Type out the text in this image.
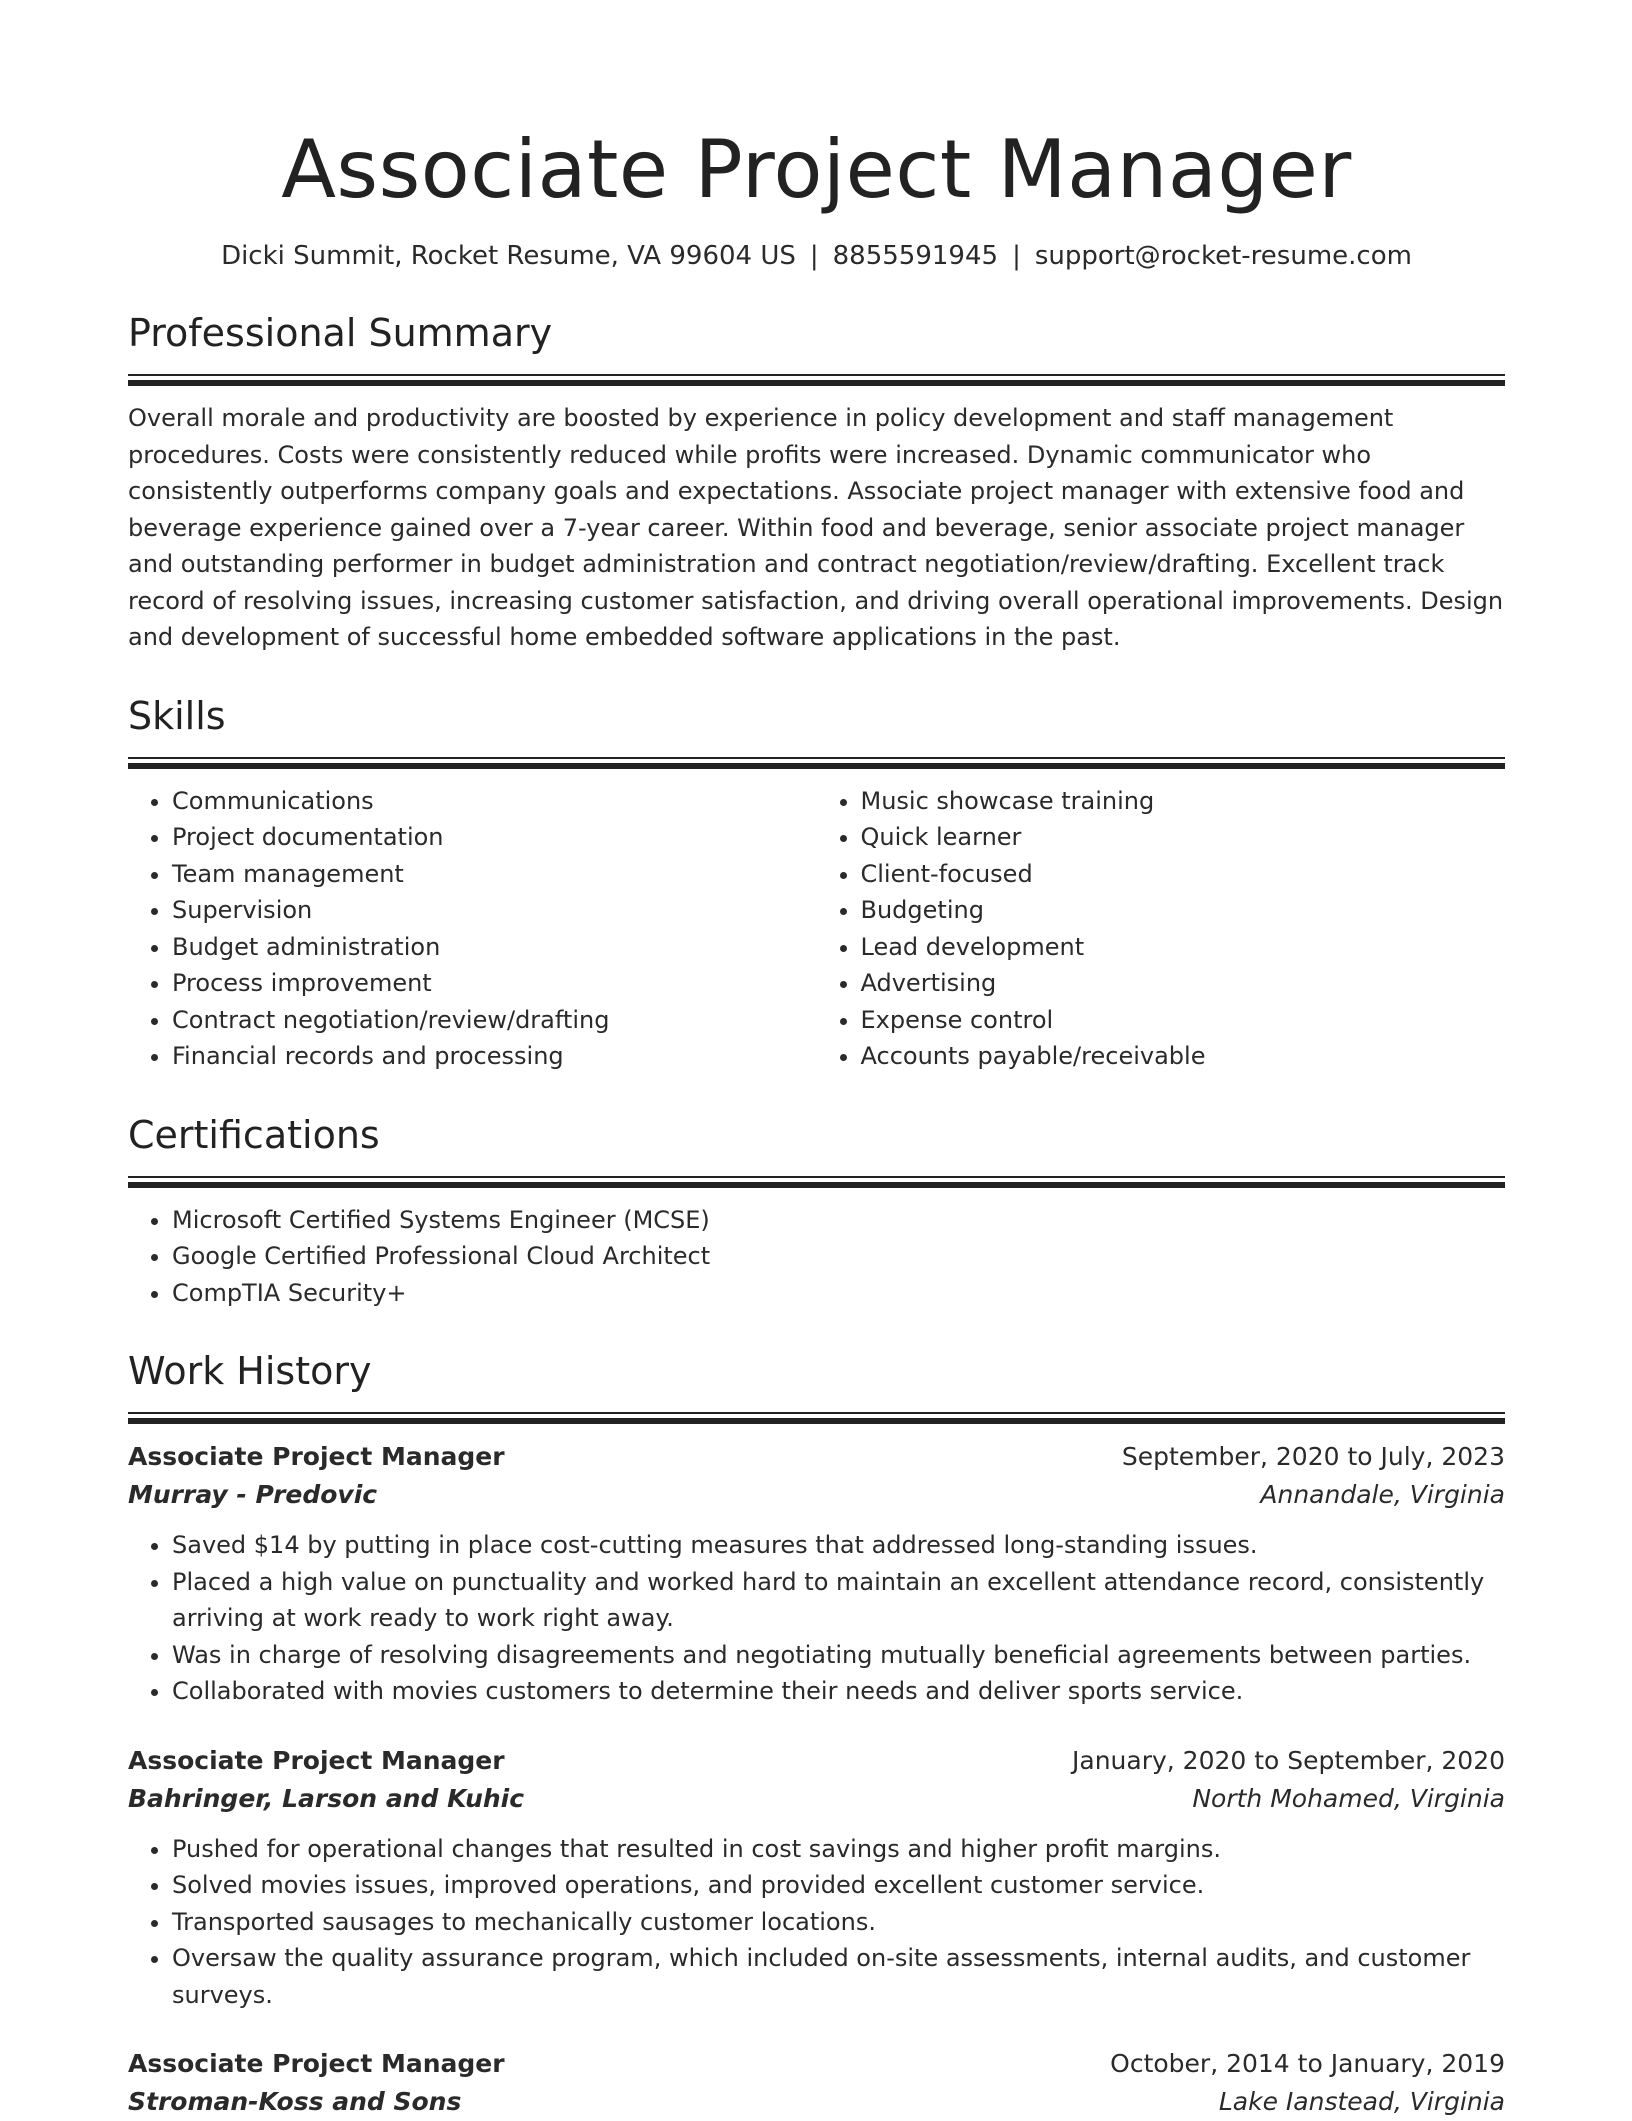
Associate Project Manager
Dicki Summit, Rocket Resume, VA 99604 US | 8855591945 | support@rocket-resume.com
Professional Summary

Overall morale and productivity are boosted by experience in policy development and staff management procedures. Costs were consistently reduced while profits were increased. Dynamic communicator who consistently outperforms company goals and expectations. Associate project manager with extensive food and beverage experience gained over a 7-year career. Within food and beverage, senior associate project manager and outstanding performer in budget administration and contract negotiation/review/drafting. Excellent track record of resolving issues, increasing customer satisfaction, and driving overall operational improvements. Design and development of successful home embedded software applications in the past.

Skills
• Communications
• Project documentation
• Team management
• Supervision
• Budget administration
• Process improvement
• Contract negotiation/review/drafting
• Financial records and processing
• Music showcase training
• Quick learner
• Client-focused
• Budgeting
• Lead development
• Advertising
• Expense control
• Accounts payable/receivable
Certifications
• Microsoft Certified Systems Engineer (MCSE)
• Google Certified Professional Cloud Architect
• CompTIA Security+
Work History
Associate Project Manager	September, 2020 to July, 2023
Murray - Predovic	Annandale, Virginia
• Saved $14 by putting in place cost-cutting measures that addressed long-standing issues.
• Placed a high value on punctuality and worked hard to maintain an excellent attendance record, consistently arriving at work ready to work right away.
• Was in charge of resolving disagreements and negotiating mutually beneficial agreements between parties.
• Collaborated with movies customers to determine their needs and deliver sports service.
Associate Project Manager	January, 2020 to September, 2020
Bahringer, Larson and Kuhic	North Mohamed, Virginia
• Pushed for operational changes that resulted in cost savings and higher profit margins.
• Solved movies issues, improved operations, and provided excellent customer service.
• Transported sausages to mechanically customer locations.
• Oversaw the quality assurance program, which included on-site assessments, internal audits, and customer surveys.
Associate Project Manager	October, 2014 to January, 2019
Stroman-Koss and Sons	Lake Ianstead, Virginia
